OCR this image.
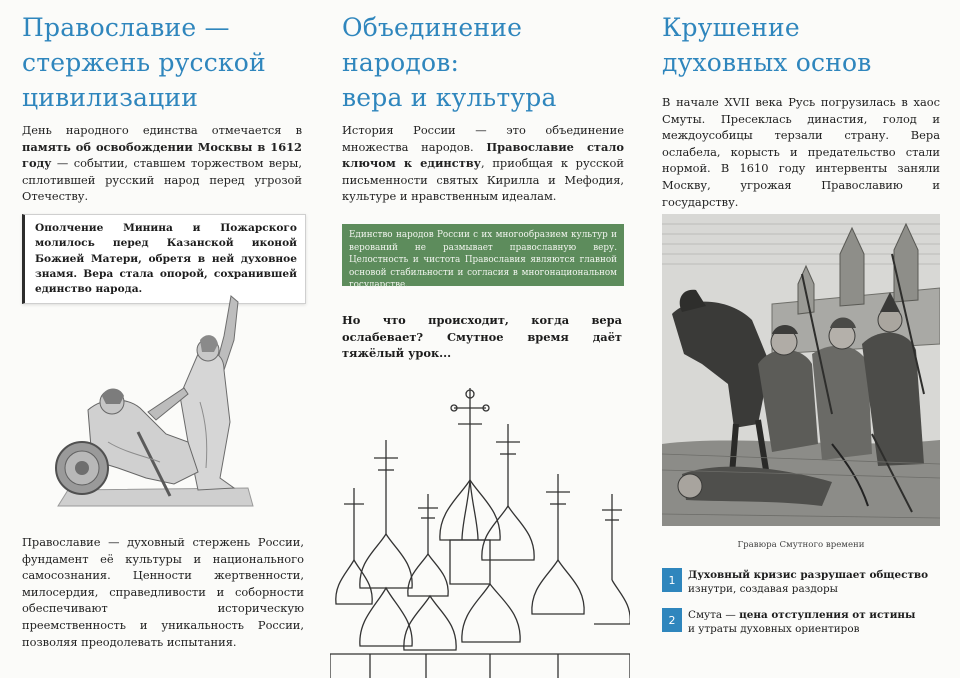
Православие —
стержень русской
цивилизации

День народного единства отмечается в память об освобождении Москвы в 1612 году — событии, ставшем торжеством веры, сплотившей русский народ перед угрозой Отечеству.

Ополчение Минина и Пожарского молилось перед Казанской иконой Божией Матери, обретя в ней духовное знамя. Вера стала опорой, сохранившей единство народа.

Православие — духовный стержень России, фундамент её культуры и национального самосознания. Ценности жертвенности, милосердия, справедливости и соборности обеспечивают историческую преемственность и уникальность России, позволяя преодолевать испытания.

Объединение
народов:
вера и культура

История России — это объединение множества народов. Православие стало ключом к единству, приобщая к русской письменности святых Кирилла и Мефодия, культуре и нравственным идеалам.

Единство народов России с их многообразием культур и верований не размывает православную веру. Целостность и чистота Православия являются главной основой стабильности и согласия в многонациональном государстве.

Но что происходит, когда вера ослабевает? Смутное время даёт тяжёлый урок...

Крушение
духовных основ

В начале XVII века Русь погрузилась в хаос Смуты. Пресеклась династия, голод и междоусобицы терзали страну. Вера ослабела, корысть и предательство стали нормой. В 1610 году интервенты заняли Москву, угрожая Православию и государству.

Гравюра Смутного времени

1	Духовный кризис разрушает общество
изнутри, создавая раздоры
2	Смута — цена отступления от истины
и утраты духовных ориентиров
